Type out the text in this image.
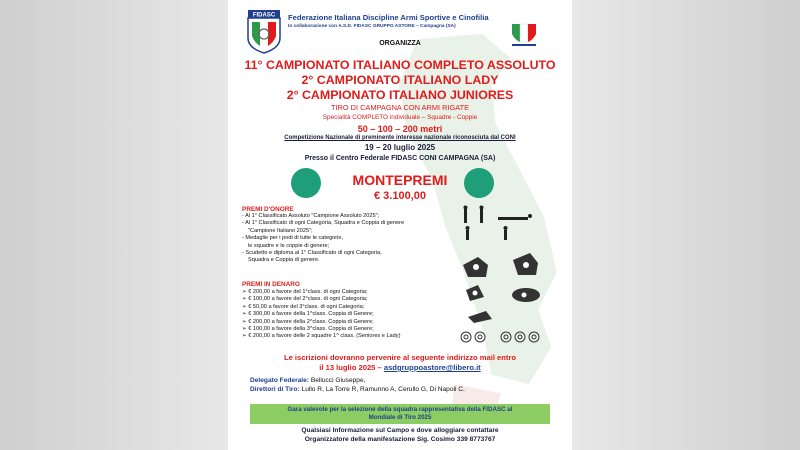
FIDASC Federazione Italiana Discipline Armi Sportive e Cinofilia
In collaborazione con A.S.D. FIDASC GRUPPO ASTORE – Campagna (SA)
ORGANIZZA
11° CAMPIONATO ITALIANO COMPLETO ASSOLUTO
2° CAMPIONATO ITALIANO LADY
2° CAMPIONATO ITALIANO JUNIORES
TIRO DI CAMPAGNA CON ARMI RIGATE
Specialità COMPLETO individuale – Squadre - Coppie
50 – 100 – 200 metri
Competizione Nazionale di preminente interesse nazionale riconosciuta dal CONI
19 – 20 luglio 2025
Presso il Centro Federale FIDASC CONI CAMPAGNA (SA)
MONTEPREMI
€ 3.100,00
PREMI D'ONORE
- Al 1° Classificato Assoluto "Campione Assoluto 2025";
- Al 1° Classificato di ogni Categoria, Squadra e Coppia di genere
"Campione Italiano 2025";
- Medaglie per i podi di tutte le categorie,
le squadre e le coppie di genere;
- Scudetto e diploma al 1° Classificato di ogni Categoria,
Squadra e Coppia di genere.
PREMI IN DENARO
➢ € 200,00 a favore del 1°class. di ogni Categoria;
➢ € 100,00 a favore del 2°class. di ogni Categoria;
➢ € 50,00 a favore del 3°class. di ogni Categoria;
➢ € 300,00 a favore della 1^class. Coppia di Genere;
➢ € 200,00 a favore della 2^class. Coppia di Genere;
➢ € 100,00 a favore della 3^class. Coppia di Genere;
➢ € 200,00 a favore delle 2 squadre 1^ class. (Seniores e Lady)
Le iscrizioni dovranno pervenire al seguente indirizzo mail entro
il 13 luglio 2025 – asdgruppoastore@libero.it
Delegato Federale: Bellucci Giuseppe,
Direttori di Tiro: Lullo R, La Torre R, Ramunno A, Cerullo G, Di Napoli C.
Gara valevole per la selezione della squadra rappresentativa della FIDASC al
Mondiale di Tiro 2025
Qualsiasi Informazione sul Campo e dove alloggiare contattare
Organizzatore della manifestazione Sig. Cosimo 339 8773767
